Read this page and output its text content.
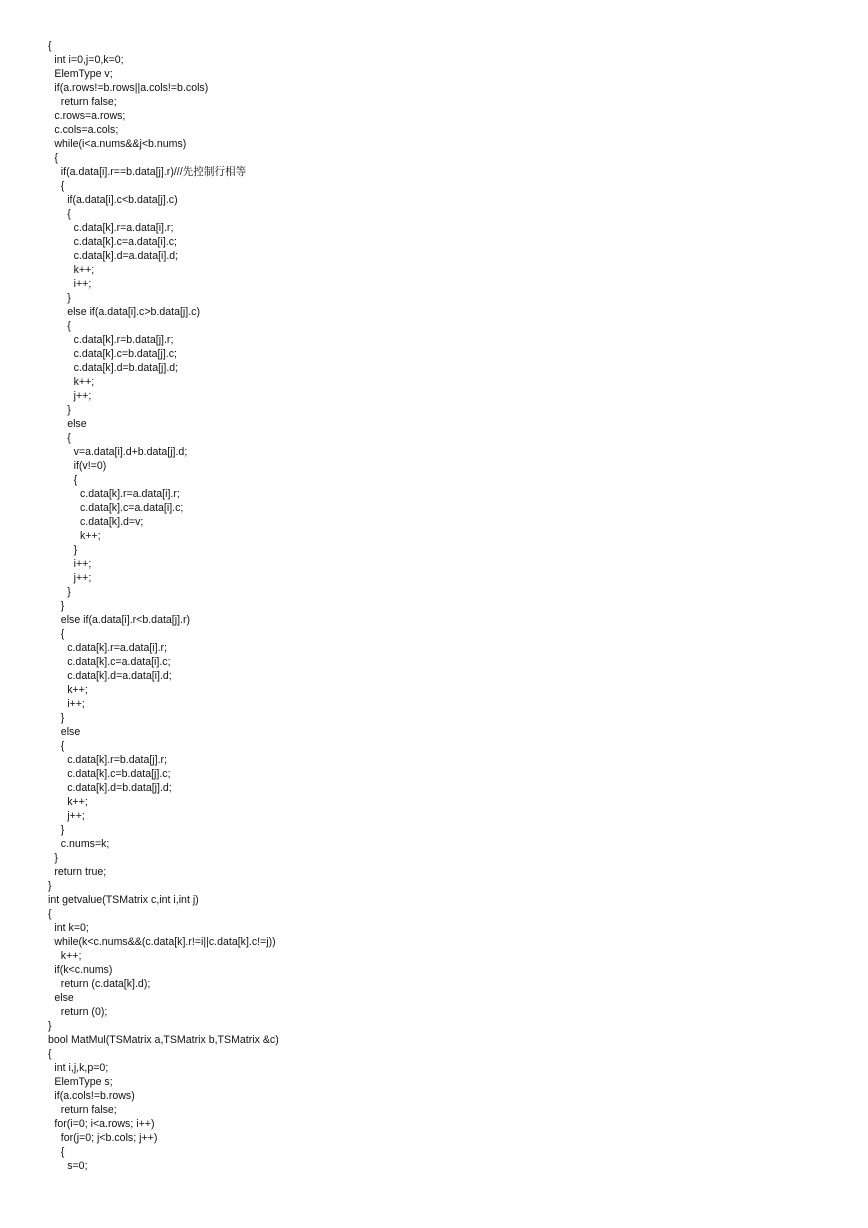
{
int i=0,j=0,k=0;
ElemType v;
if(a.rows!=b.rows||a.cols!=b.cols)
return false;
c.rows=a.rows;
c.cols=a.cols;
while(i<a.nums&&j<b.nums)
{
if(a.data[i].r==b.data[j].r)///先控制行相等
{
if(a.data[i].c<b.data[j].c)
{
c.data[k].r=a.data[i].r;
c.data[k].c=a.data[i].c;
c.data[k].d=a.data[i].d;
k++;
i++;
}
else if(a.data[i].c>b.data[j].c)
{
c.data[k].r=b.data[j].r;
c.data[k].c=b.data[j].c;
c.data[k].d=b.data[j].d;
k++;
j++;
}
else
{
v=a.data[i].d+b.data[j].d;
if(v!=0)
{
c.data[k].r=a.data[i].r;
c.data[k].c=a.data[i].c;
c.data[k].d=v;
k++;
}
i++;
j++;
}
}
else if(a.data[i].r<b.data[j].r)
{
c.data[k].r=a.data[i].r;
c.data[k].c=a.data[i].c;
c.data[k].d=a.data[i].d;
k++;
i++;
}
else
{
c.data[k].r=b.data[j].r;
c.data[k].c=b.data[j].c;
c.data[k].d=b.data[j].d;
k++;
j++;
}
c.nums=k;
}
return true;
}
int getvalue(TSMatrix c,int i,int j)
{
int k=0;
while(k<c.nums&&(c.data[k].r!=i||c.data[k].c!=j))
k++;
if(k<c.nums)
return (c.data[k].d);
else
return (0);
}
bool MatMul(TSMatrix a,TSMatrix b,TSMatrix &c)
{
int i,j,k,p=0;
ElemType s;
if(a.cols!=b.rows)
return false;
for(i=0; i<a.rows; i++)
for(j=0; j<b.cols; j++)
{
s=0;
